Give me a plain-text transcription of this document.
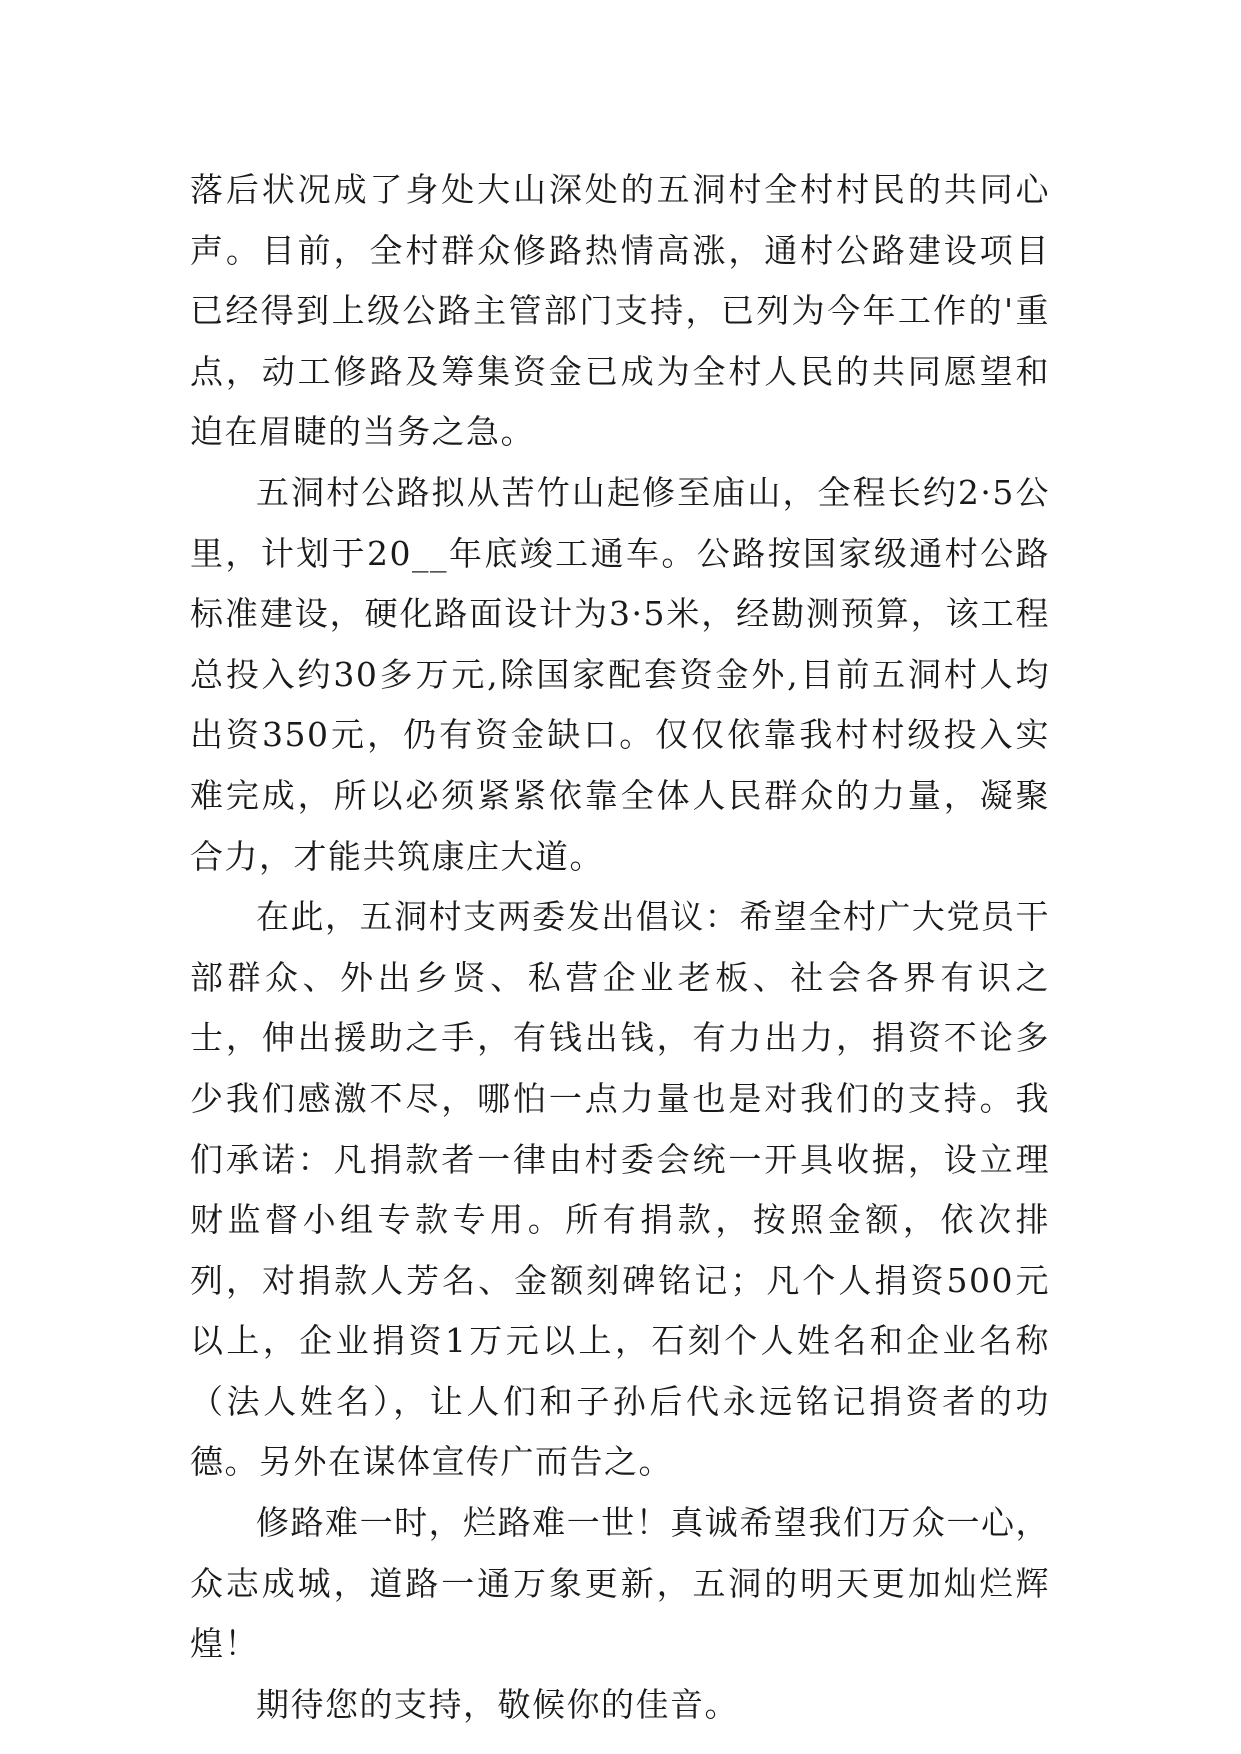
落后状况成了身处大山深处的五洞村全村村民的共同心声。目前，全村群众修路热情高涨，通村公路建设项目已经得到上级公路主管部门支持，已列为今年工作的'重点，动工修路及筹集资金已成为全村人民的共同愿望和迫在眉睫的当务之急。

五洞村公路拟从苦竹山起修至庙山，全程长约2·5公里，计划于20__年底竣工通车。公路按国家级通村公路标准建设，硬化路面设计为3·5米，经勘测预算，该工程总投入约30多万元,除国家配套资金外,目前五洞村人均出资350元，仍有资金缺口。仅仅依靠我村村级投入实难完成，所以必须紧紧依靠全体人民群众的力量，凝聚合力，才能共筑康庄大道。

在此，五洞村支两委发出倡议：希望全村广大党员干部群众、外出乡贤、私营企业老板、社会各界有识之士，伸出援助之手，有钱出钱，有力出力，捐资不论多少我们感激不尽，哪怕一点力量也是对我们的支持。我们承诺：凡捐款者一律由村委会统一开具收据，设立理财监督小组专款专用。所有捐款，按照金额，依次排列，对捐款人芳名、金额刻碑铭记；凡个人捐资500元以上，企业捐资1万元以上，石刻个人姓名和企业名称（法人姓名），让人们和子孙后代永远铭记捐资者的功德。另外在谋体宣传广而告之。

修路难一时，烂路难一世！真诚希望我们万众一心，众志成城，道路一通万象更新，五洞的明天更加灿烂辉煌！

期待您的支持，敬候你的佳音。
